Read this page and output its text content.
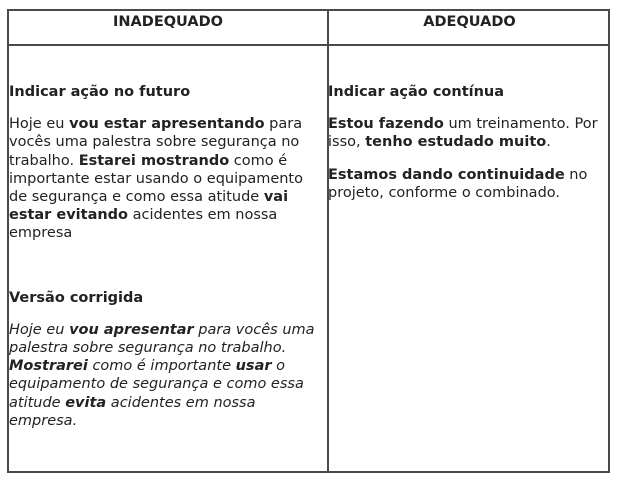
INADEQUADO	ADEQUADO

Indicar ação no futuro

Hoje eu vou estar apresentando para vocês uma palestra sobre segurança no trabalho. Estarei mostrando como é importante estar usando o equipamento de segurança e como essa atitude vai estar evitando acidentes em nossa empresa

Versão corrigida

Hoje eu vou apresentar para vocês uma palestra sobre segurança no trabalho. Mostrarei como é importante usar o equipamento de segurança e como essa atitude evita acidentes em nossa empresa.

Indicar ação contínua

Estou fazendo um treinamento. Por isso, tenho estudado muito.

Estamos dando continuidade no projeto, conforme o combinado.
